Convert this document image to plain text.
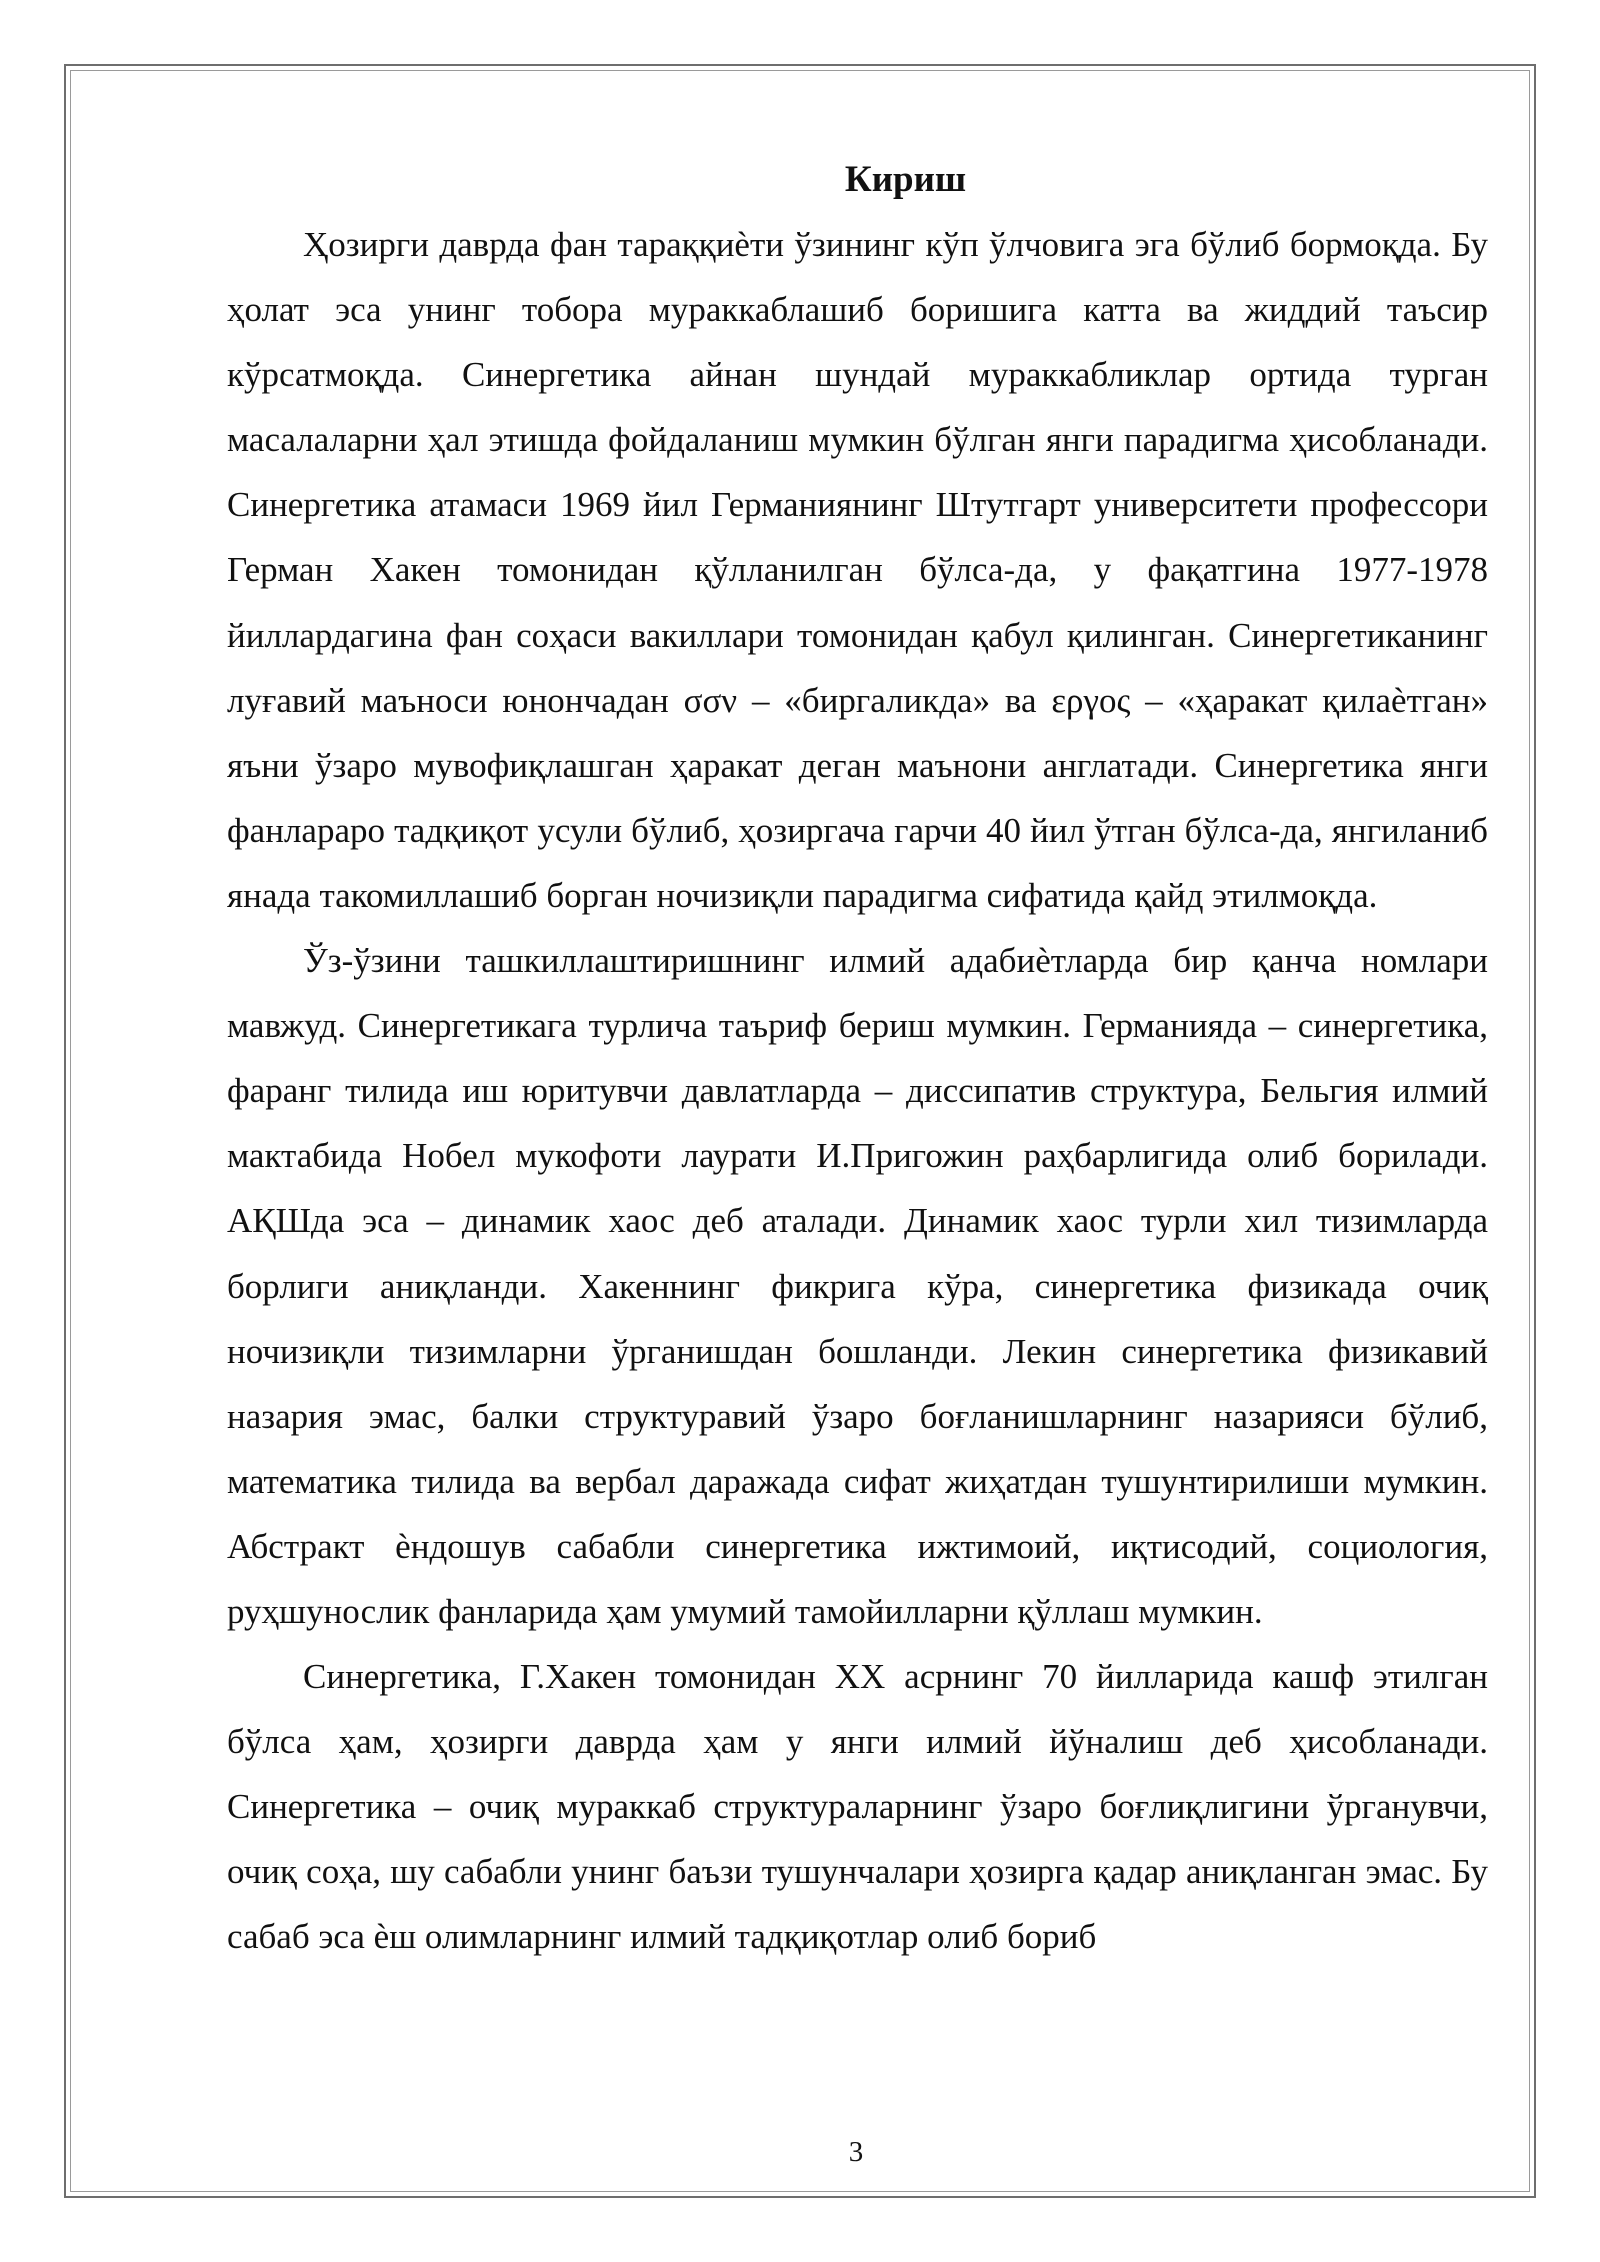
Кириш

Ҳозирги даврда фан тараққиѐти ўзининг кўп ўлчовига эга бўлиб бормоқда. Бу ҳолат эса унинг тобора мураккаблашиб боришига катта ва жиддий таъсир кўрсатмоқда. Синергетика айнан шундай мураккабликлар ортида турган масалаларни ҳал этишда фойдаланиш мумкин бўлган янги парадигма ҳисобланади. Синергетика атамаси 1969 йил Германиянинг Штутгарт университети профессори Герман Хакен томонидан қўлланилган бўлса-да, у фақатгина 1977-1978 йиллардагина фан соҳаси вакиллари томонидан қабул қилинган. Синергетиканинг луғавий маъноси юнончадан σσν – «биргаликда» ва εργος – «ҳаракат қилаѐтган» яъни ўзаро мувофиқлашган ҳаракат деган маънони англатади. Синергетика янги фанлараро тадқиқот усули бўлиб, ҳозиргача гарчи 40 йил ўтган бўлса-да, янгиланиб янада такомиллашиб борган ночизиқли парадигма сифатида қайд этилмоқда.

Ўз-ўзини ташкиллаштиришнинг илмий адабиѐтларда бир қанча номлари мавжуд. Синергетикага турлича таъриф бериш мумкин. Германияда – синергетика, фаранг тилида иш юритувчи давлатларда – диссипатив структура, Бельгия илмий мактабида Нобел мукофоти лаурати И.Пригожин раҳбарлигида олиб борилади. АҚШда эса – динамик хаос деб аталади. Динамик хаос турли хил тизимларда борлиги аниқланди. Хакеннинг фикрига кўра, синергетика физикада очиқ ночизиқли тизимларни ўрганишдан бошланди. Лекин синергетика физикавий назария эмас, балки структуравий ўзаро боғланишларнинг назарияси бўлиб, математика тилида ва вербал даражада сифат жиҳатдан тушунтирилиши мумкин. Абстракт ѐндошув сабабли синергетика ижтимоий, иқтисодий, социология, руҳшунослик фанларида ҳам умумий тамойилларни қўллаш мумкин.

Синергетика, Г.Хакен томонидан XX асрнинг 70 йилларида кашф этилган бўлса ҳам, ҳозирги даврда ҳам у янги илмий йўналиш деб ҳисобланади. Синергетика – очиқ мураккаб структураларнинг ўзаро боғлиқлигини ўрганувчи, очиқ соҳа, шу сабабли унинг баъзи тушунчалари ҳозирга қадар аниқланган эмас. Бу сабаб эса ѐш олимларнинг илмий тадқиқотлар олиб бориб

3
